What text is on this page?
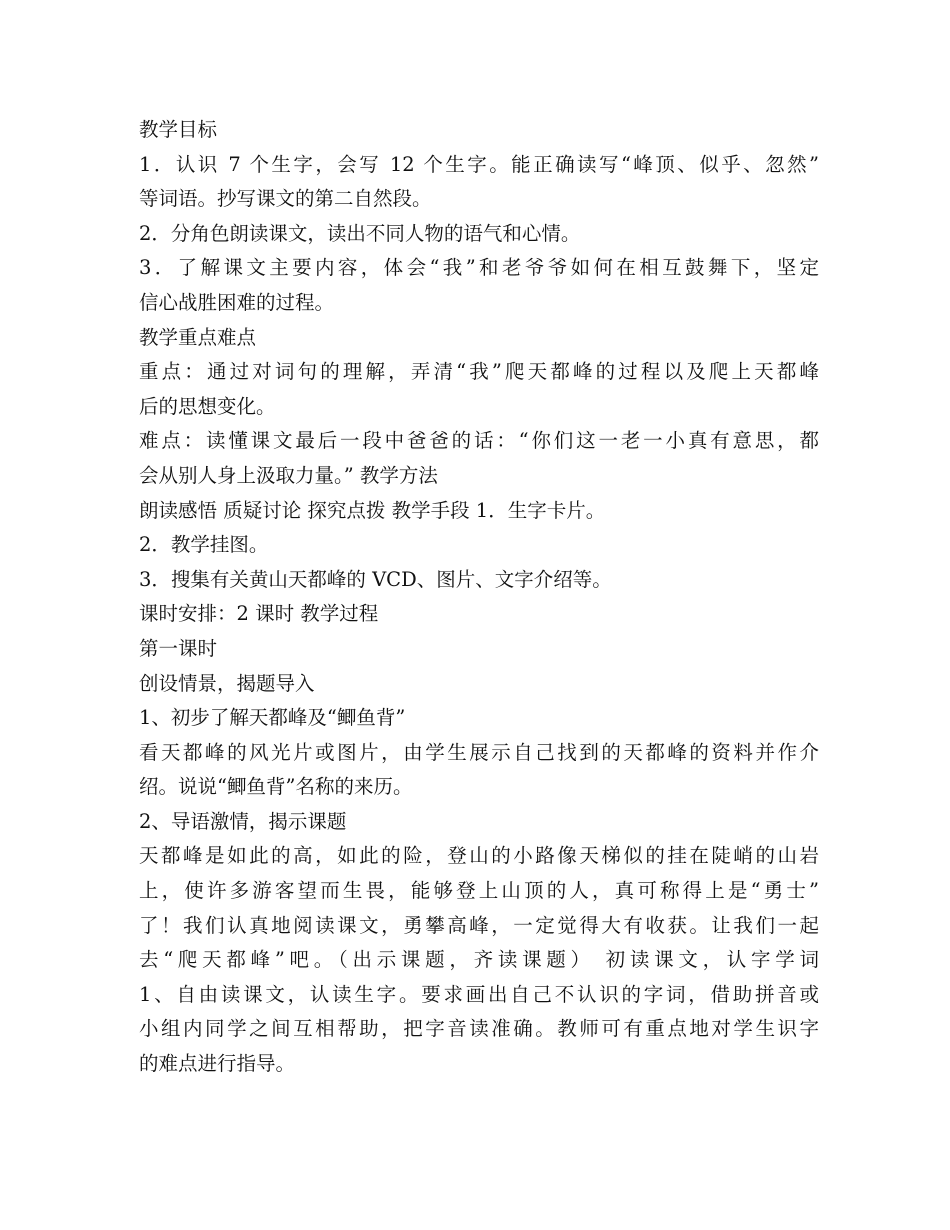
教学目标
1．认识 7 个生字，会写 12 个生字。能正确读写“峰顶、似乎、忽然”
等词语。抄写课文的第二自然段。
2．分角色朗读课文，读出不同人物的语气和心情。
3．了解课文主要内容，体会“我”和老爷爷如何在相互鼓舞下，坚定
信心战胜困难的过程。
教学重点难点
重点：通过对词句的理解，弄清“我”爬天都峰的过程以及爬上天都峰
后的思想变化。
难点：读懂课文最后一段中爸爸的话：“你们这一老一小真有意思，都
会从别人身上汲取力量。” 教学方法
朗读感悟 质疑讨论 探究点拨 教学手段 1．生字卡片。
2．教学挂图。
3．搜集有关黄山天都峰的 VCD、图片、文字介绍等。
课时安排：2 课时 教学过程
第一课时
创设情景，揭题导入
1、初步了解天都峰及“鲫鱼背”
看天都峰的风光片或图片，由学生展示自己找到的天都峰的资料并作介
绍。说说“鲫鱼背”名称的来历。
2、导语激情，揭示课题
天都峰是如此的高，如此的险，登山的小路像天梯似的挂在陡峭的山岩
上，使许多游客望而生畏，能够登上山顶的人，真可称得上是“勇士”
了！我们认真地阅读课文，勇攀高峰，一定觉得大有收获。让我们一起
去“爬天都峰”吧。（出示课题，齐读课题） 初读课文，认字学词
1、自由读课文，认读生字。要求画出自己不认识的字词，借助拼音或
小组内同学之间互相帮助，把字音读准确。教师可有重点地对学生识字
的难点进行指导。
